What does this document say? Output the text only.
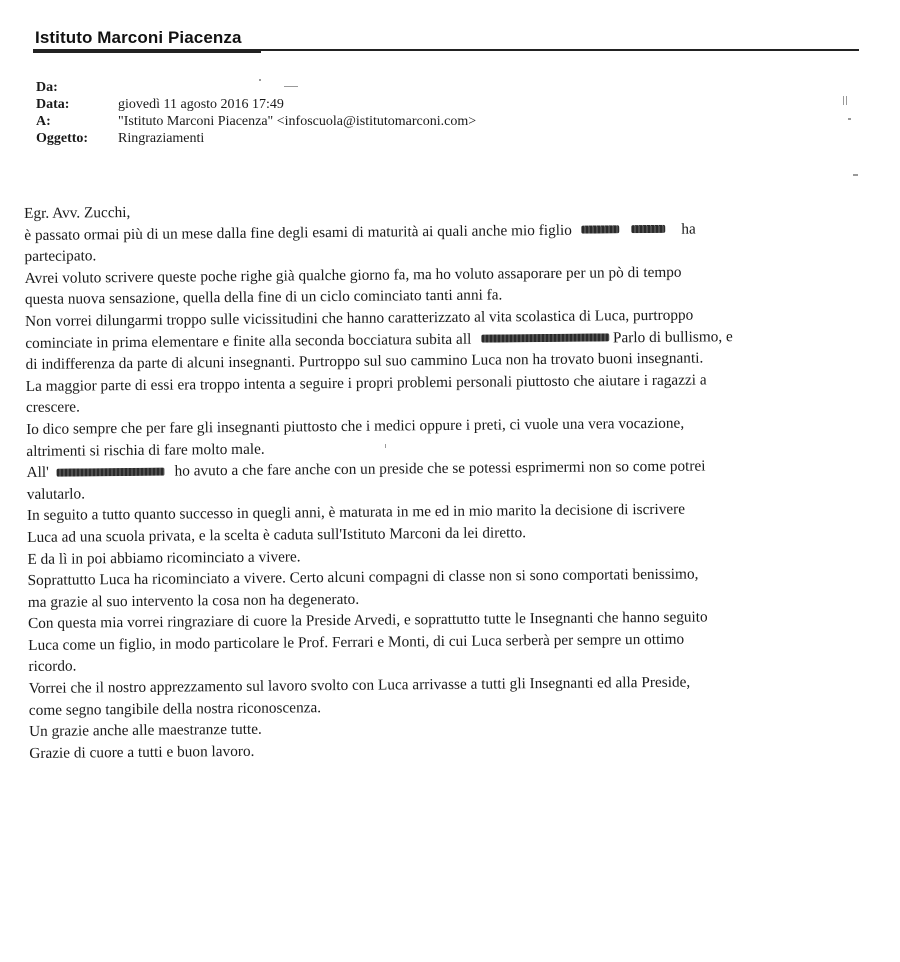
Istituto Marconi Piacenza
Da:
Data:	giovedì 11 agosto 2016 17:49
A:	"Istituto Marconi Piacenza" <infoscuola@istitutomarconi.com>
Oggetto:	Ringraziamenti
Egr. Avv. Zucchi,
è passato ormai più di un mese dalla fine degli esami di maturità ai quali anche mio figlio	ha
partecipato.
Avrei voluto scrivere queste poche righe già qualche giorno fa, ma ho voluto assaporare per un pò di tempo
questa nuova sensazione, quella della fine di un ciclo cominciato tanti anni fa.
Non vorrei dilungarmi troppo sulle vicissitudini che hanno caratterizzato al vita scolastica di Luca, purtroppo
cominciate in prima elementare e finite alla seconda bocciatura subita all	Parlo di bullismo, e
di indifferenza da parte di alcuni insegnanti. Purtroppo sul suo cammino Luca non ha trovato buoni insegnanti.
La maggior parte di essi era troppo intenta a seguire i propri problemi personali piuttosto che aiutare i ragazzi a
crescere.
Io dico sempre che per fare gli insegnanti piuttosto che i medici oppure i preti, ci vuole una vera vocazione,
altrimenti si rischia di fare molto male.
All'	ho avuto a che fare anche con un preside che se potessi esprimermi non so come potrei
valutarlo.
In seguito a tutto quanto successo in quegli anni, è maturata in me ed in mio marito la decisione di iscrivere
Luca ad una scuola privata, e la scelta è caduta sull'Istituto Marconi da lei diretto.
E da lì in poi abbiamo ricominciato a vivere.
Soprattutto Luca ha ricominciato a vivere. Certo alcuni compagni di classe non si sono comportati benissimo,
ma grazie al suo intervento la cosa non ha degenerato.
Con questa mia vorrei ringraziare di cuore la Preside Arvedi, e soprattutto tutte le Insegnanti che hanno seguito
Luca come un figlio, in modo particolare le Prof. Ferrari e Monti, di cui Luca serberà per sempre un ottimo
ricordo.
Vorrei che il nostro apprezzamento sul lavoro svolto con Luca arrivasse a tutti gli Insegnanti ed alla Preside,
come segno tangibile della nostra riconoscenza.
Un grazie anche alle maestranze tutte.
Grazie di cuore a tutti e buon lavoro.
